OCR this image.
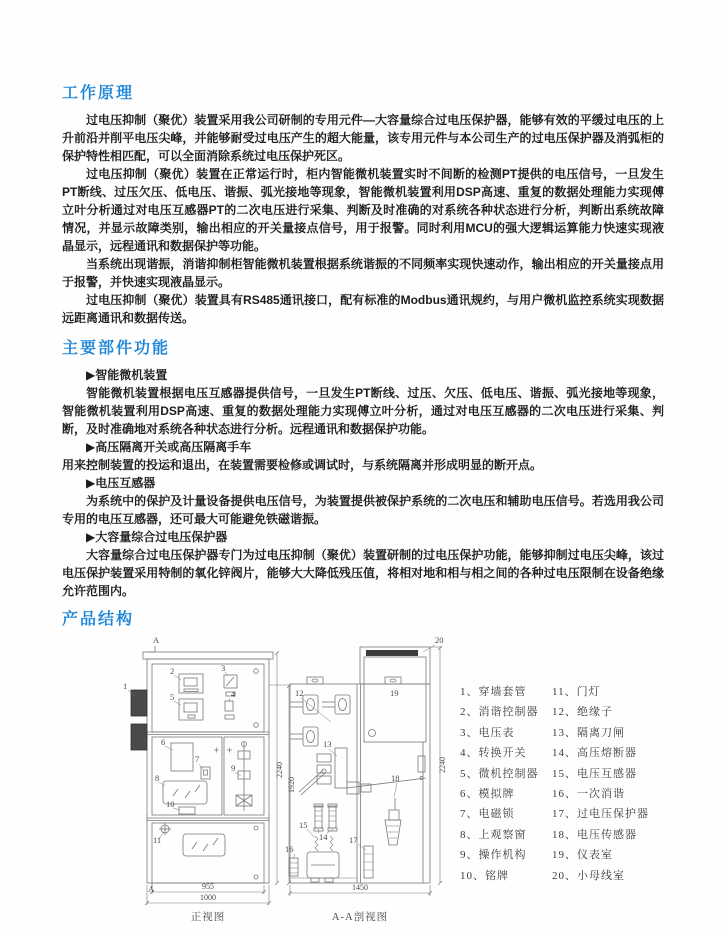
工作原理

过电压抑制（聚优）装置采用我公司研制的专用元件—大容量综合过电压保护器，能够有效的平缓过电压的上升前沿并削平电压尖峰，并能够耐受过电压产生的超大能量，该专用元件与本公司生产的过电压保护器及消弧柜的保护特性相匹配，可以全面消除系统过电压保护死区。

过电压抑制（聚优）装置在正常运行时，柜内智能微机装置实时不间断的检测PT提供的电压信号，一旦发生PT断线、过压欠压、低电压、谐振、弧光接地等现象，智能微机装置利用DSP高速、重复的数据处理能力实现傅立叶分析通过对电压互感器PT的二次电压进行采集、判断及时准确的对系统各种状态进行分析，判断出系统故障情况，并显示故障类别，输出相应的开关量接点信号，用于报警。同时利用MCU的强大逻辑运算能力快速实现液晶显示，远程通讯和数据保护等功能。

当系统出现谐振，消谐抑制柜智能微机装置根据系统谐振的不同频率实现快速动作，输出相应的开关量接点用于报警，并快速实现液晶显示。

过电压抑制（聚优）装置具有RS485通讯接口，配有标准的Modbus通讯规约，与用户微机监控系统实现数据远距离通讯和数据传送。

主要部件功能

▶智能微机装置

智能微机装置根据电压互感器提供信号，一旦发生PT断线、过压、欠压、低电压、谐振、弧光接地等现象，智能微机装置利用DSP高速、重复的数据处理能力实现傅立叶分析，通过对电压互感器的二次电压进行采集、判断，及时准确地对系统各种状态进行分析。远程通讯和数据保护功能。

▶高压隔离开关或高压隔离手车

用来控制装置的投运和退出，在装置需要检修或调试时，与系统隔离并形成明显的断开点。

▶电压互感器

为系统中的保护及计量设备提供电压信号，为装置提供被保护系统的二次电压和辅助电压信号。若选用我公司专用的电压互感器，还可最大可能避免铁磁谐振。

▶大容量综合过电压保护器

大容量综合过电压保护器专门为过电压抑制（聚优）装置研制的过电压保护功能，能够抑制过电压尖峰，该过电压保护装置采用特制的氧化锌阀片，能够大大降低残压值，将相对地和相与相之间的各种过电压限制在设备绝缘允许范围内。

产品结构
A
A
1
2	3
4
5
6
7
8
9
10
11
2240
1920
955
1000
正视图
12
13
14
15
16
17
18
19
20
2240
1450
A-A剖视图
1、穿墙套管 11、门灯
2、消谐控制器 12、绝缘子
3、电压表	13、隔离刀闸
4、转换开关 14、高压熔断器
5、微机控制器 15、电压互感器
6、模拟牌	16、一次消谐
7、电磁锁	17、过电压保护器
8、上观察窗 18、电压传感器
9、操作机构 19、仪表室
10、铭牌	20、小母线室
